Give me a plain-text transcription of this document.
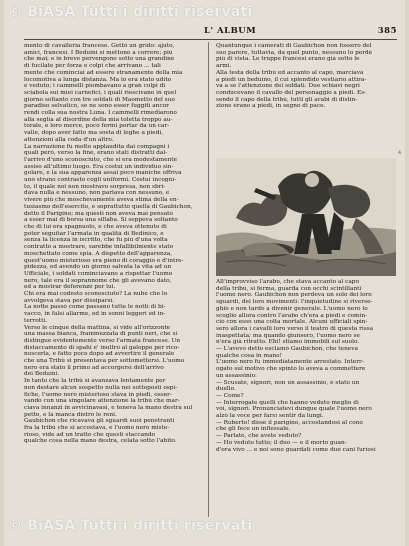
L' ALBUM	385
mento di cavalleria francese. Gettò un grido: ajuto,
amici, francesi. I Beduini si mettono a correre; più
che mai; e in breve pervengono sotto una grandine
di fucilate per forza e colpi che arrivano ... tali
mente che cominciai ad essere stranamente della mia
locomotiva a lunga distanza. Ma io era stato udito
e veduto; i cammelli piombavano a gran colpi di
sciabola sui miei carnefici, i quali riescivano in quel
giorno soltanto con tre soldati di Maometto del suo
paradiso selvatico, se ne sono esser fuggiti ancor
rendi colla sua nostra Luna. I cammelli rimediarono
alla seglia al disordine della mia toletta troppo au-
torale, e loro merce, poco fermi portar da un car-
valle, dopo aver fatto ma sosta di leghe a piedi,
attenzioni alla coda d'un altro.
La narrazione fu molto applaudita dai compagni i
quali però, verso la fine, erano stati distratti dal-
l'arrivo d'uno sconosciuto, che si era modestamente
assiso all'ultimo luogo. Era costui un individuo sin-
golare, e la sua apparenza assai poco maniche offriva
uno strano contrasto cogli uniformi. Costui incogni-
to, il quale noi non mostravo sorpresa, non sbri-
dava nulla e nessuno, non parlava con nessuno, e
vivere più che moschevamente aveva stima della en-
tusiasmo dell'esercito, e soprattutto quella di Gaubichon,
detto il Parigino; ma questi non aveva mai pensato
a esser mai di borsa una sillaba. Si seppeva soltanto
che di lui era spagnuolo, e che aveva ottenuto di
poter seguitar l'armata in qualità di Bedinico, e
senza la licenza in iscritto, che fu più d'una volta
contratto a mostrare, sarebbe infallibilmente stato
moschettato come spia. A dispetto dell'apparenza,
quest'uomo misterioso era pieno di coraggio e d'intre-
pidezza, ed avendo un giorno salvata la vita ad un
Ufficiale, i soldati cominciavano a rispettar l'uomo
nero, tale era il soprannome che gli avevano dato,
ed a mostrar deferenze per lui.
Chi era mai codesto sconosciuto? La nube che lo
avvolgeva stava per dissiparsi.
La notte passò come passano tutte le notti di bi-
vacco, in falsi allarme, ed in sonni leggeri ed in-
terrotti.
Verso le cinque della mattina, si vide all'orizzonte
una massa bianca, frammezzata di punti neri, che si
distingue evidentemente verso l'armata francese. Un
distaccamento di spahi e' inoltrò al galoppo per rico-
noscerla, e fatto poco dopo ad avvertire il generale
che una Tribù si presentava per sottomettersi. L'uomo
nero era stato il primo ad accorgersi dell'arrivo
dei Beduini.
In tanto che la tribù si avanzava lentamente per
non destare alcun sospetto nulla nei sottoposti ospi-
fiche, l'uomo nero misterioso stava in piedi, osser-
vando con una singolare attenzione la tribù che mar-
ciava innanzi in avvicinavasi, e teneva la mano destra sul
petto, e la manca dietro le reni.
Gaubichon che ricavava gli sguardi suoi penetranti
fra la tribù che si accostava, e l'uomo nero miste-
rioso, vide ad un tratto che questi staccando
qualche cosa nella mano destra, celata sotto l'abito.
Quantunque i camerati di Gaubichon non fossero del
suo parere, tuttavia, da quel punto, nessuno lo perdè
più di vista. Le truppe francesi erano già sotto le
armi.
Alla testa della tribù ed accanto al capo, marciava
a piedi un beduino, il cui splendido vestiario attira-
va a sè l'attenzione dei soldati. Due schiavi negri
conducevano il cavallo del personaggio a piedi. Es-
sendo il capo della tribù, tutti gli arabi di distin-
zione erano a piedi, in segno di pace.
All'improvviso l'arabo, che stava accanto al capo
della tribù, si ferma, guarda con occhi scintillanti
l'uomo nero. Gaubichon non perdeva un solo dei loro
sguardi, dei loro movimenti: l'inquietudine si riverse-
ghiò e non tardò a divenir generale. L'uomo nero lo
scoglio allora contro l'arabo ch'era a piedi e comin-
ciò con esso una colta mortale. Alcuni ufficiali spin-
sero allora i cavalli loro verso il teatro di questa rissa
inaspettata; ma quando giunsero, l'uomo nero se
n'era già ritratto. Ehi! stiamo immobili sul suolo.
— L'avevo detto esclamò Gaubichon, che teneva
qualche cosa in mano!
L'uomo nero fu immediatamente arrestato. Interr-
ogato sul motivo che spinto lo aveva a commettere
un assassinio:
— Scusate, signori, non un assassinio, è stato un
duello.
— Come?
— Interrogate quelli che hanno veduto meglio di
voi, signori. Pronunciatevi dunque quale l'uomo nero
alzò la voce per farsi sentir da lungi.
— Roberto! disse il parigino, accostandosi al cono
che gli fece un inflessale.
— Parlate, che avete veduto?
— Ho veduto tutto; il duo — e il morto guan-
d'ora vivo ... e noi sono guardati come due cani furiosi
4
© BiASA Tutti i diritti riservati
© BiASA Tutti i diritti riservati
